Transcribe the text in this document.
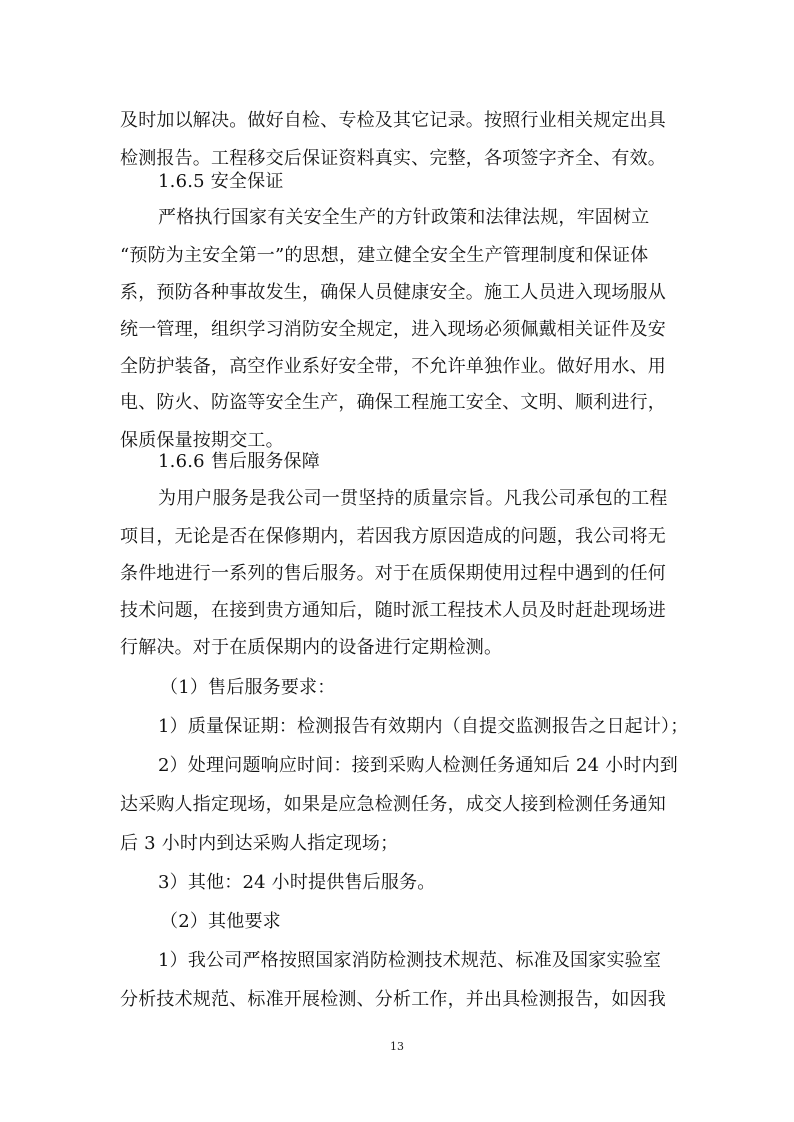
及时加以解决。做好自检、专检及其它记录。按照行业相关规定出具
检测报告。工程移交后保证资料真实、完整，各项签字齐全、有效。
1.6.5 安全保证
严格执行国家有关安全生产的方针政策和法律法规，牢固树立
“预防为主安全第一”的思想，建立健全安全生产管理制度和保证体
系，预防各种事故发生，确保人员健康安全。施工人员进入现场服从
统一管理，组织学习消防安全规定，进入现场必须佩戴相关证件及安
全防护装备，高空作业系好安全带，不允许单独作业。做好用水、用
电、防火、防盗等安全生产，确保工程施工安全、文明、顺利进行，
保质保量按期交工。
1.6.6 售后服务保障
为用户服务是我公司一贯坚持的质量宗旨。凡我公司承包的工程
项目，无论是否在保修期内，若因我方原因造成的问题，我公司将无
条件地进行一系列的售后服务。对于在质保期使用过程中遇到的任何
技术问题，在接到贵方通知后，随时派工程技术人员及时赶赴现场进
行解决。对于在质保期内的设备进行定期检测。
（1）售后服务要求：
1）质量保证期：检测报告有效期内（自提交监测报告之日起计）；
2）处理问题响应时间：接到采购人检测任务通知后 24 小时内到
达采购人指定现场，如果是应急检测任务，成交人接到检测任务通知
后 3 小时内到达采购人指定现场；
3）其他：24 小时提供售后服务。
（2）其他要求
1）我公司严格按照国家消防检测技术规范、标准及国家实验室
分析技术规范、标准开展检测、分析工作，并出具检测报告，如因我
13
